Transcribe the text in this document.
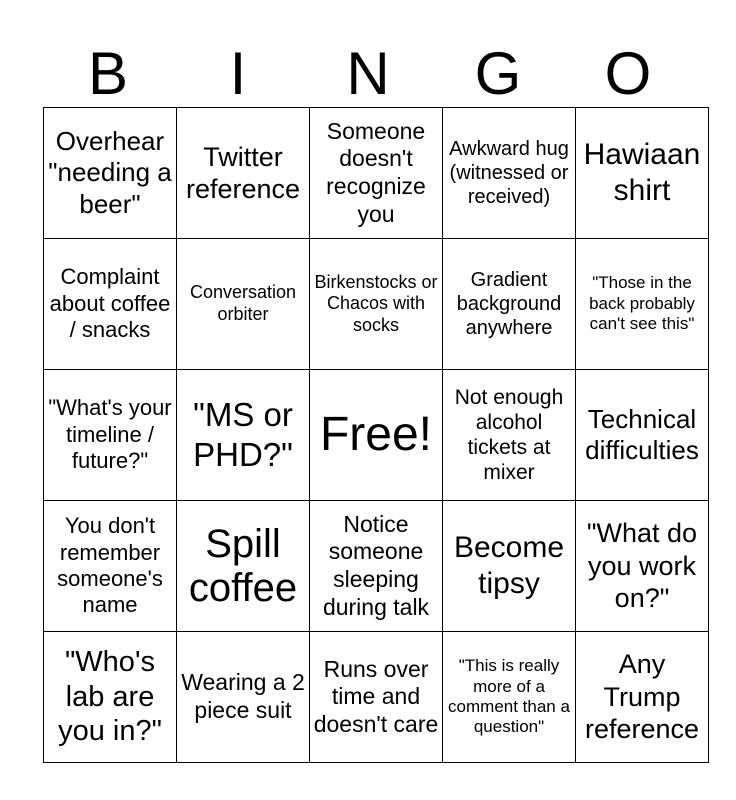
B	I	N	G	O
Overhear "needing a beer"	Twitter reference	Someone doesn't recognize you	Awkward hug (witnessed or received)	Hawiaan shirt
Complaint about coffee / snacks	Conversation orbiter	Birkenstocks or Chacos with socks	Gradient background anywhere	"Those in the back probably can't see this"
"What's your timeline / future?"	"MS or PHD?"	Free!	Not enough alcohol tickets at mixer	Technical difficulties
You don't remember someone's name	Spill coffee	Notice someone sleeping during talk	Become tipsy	"What do you work on?"
"Who's lab are you in?"	Wearing a 2 piece suit	Runs over time and doesn't care	"This is really more of a comment than a question"	Any Trump reference
